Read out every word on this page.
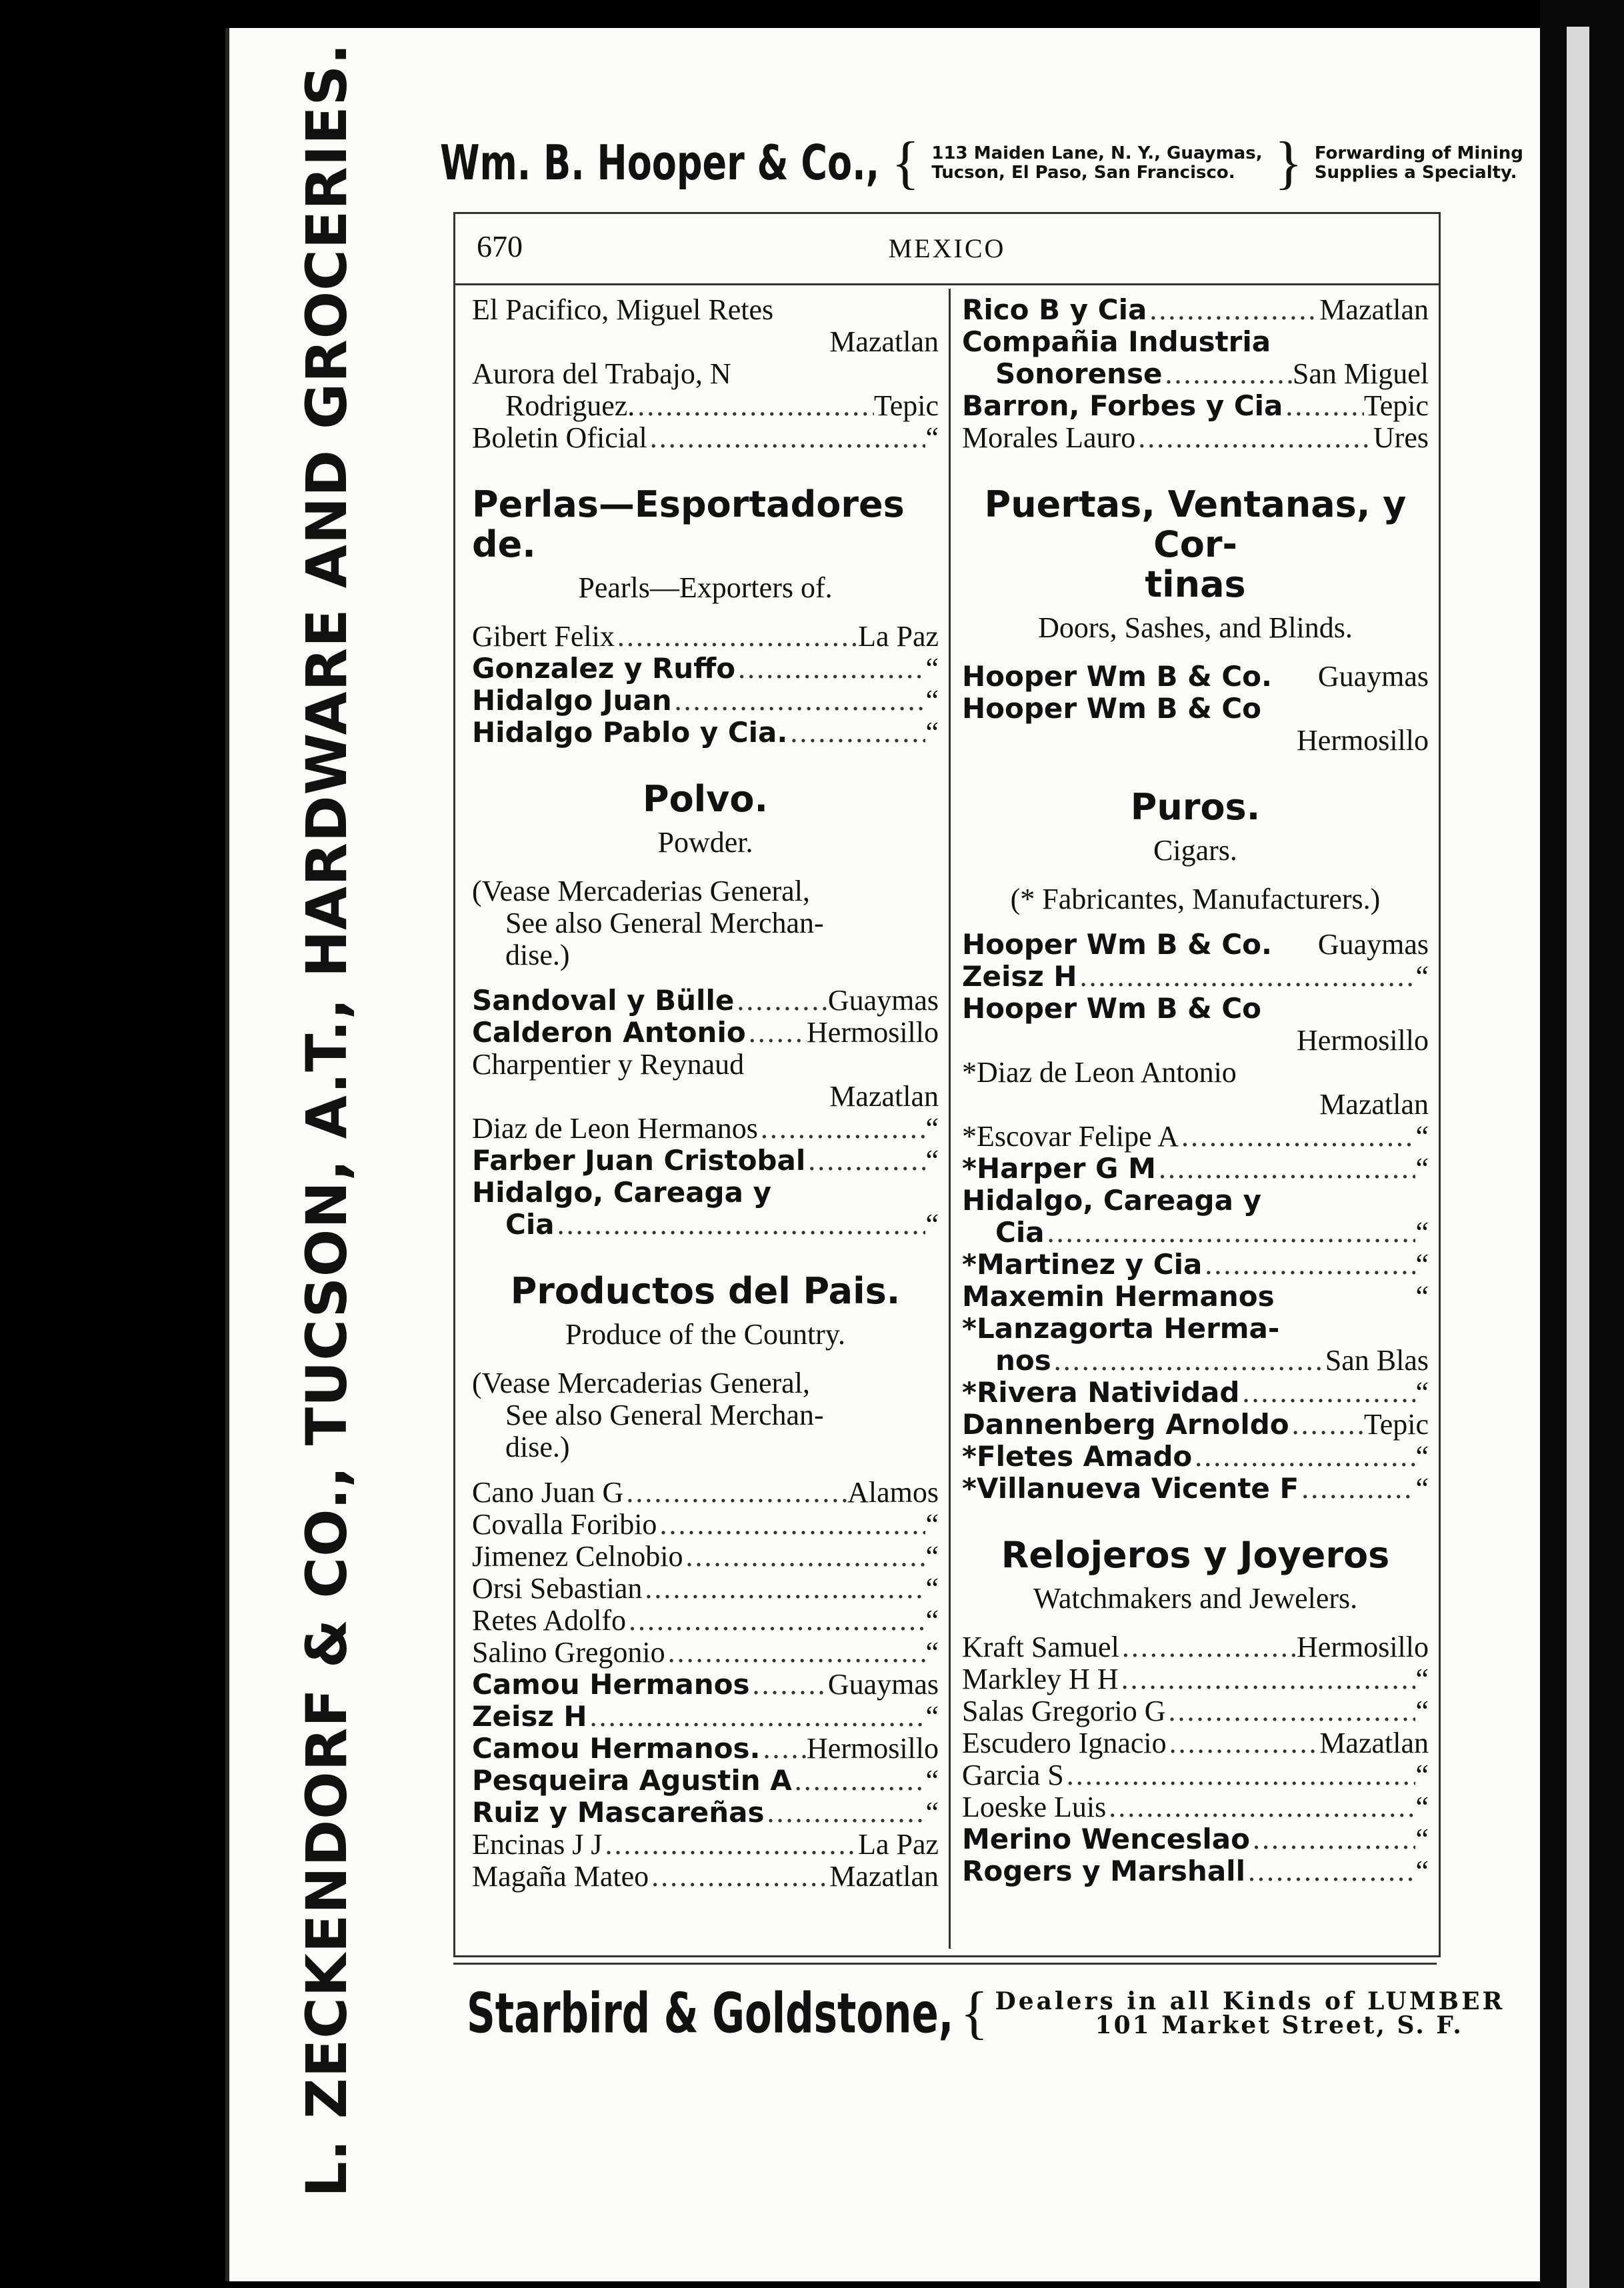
L. ZECKENDORF & CO., TUCSON, A.T., HARDWARE AND GROCERIES. Wm. B. Hooper & Co., { 113 Maiden Lane, N. Y., Guaymas,
Tucson, El Paso, San Francisco. } Forwarding of Mining
Supplies a Specialty.
670	MEXICO
El Pacifico, Miguel Retes
Mazatlan
Aurora del Trabajo, N
Rodriguez. .....	Tepic
Boletin Oficial .....	“
Perlas—Esportadores de.
Pearls—Exporters of.
Gibert Felix .....	La Paz
Gonzalez y Ruffo .....	“
Hidalgo Juan .....	“
Hidalgo Pablo y Cia. .....	“
Polvo.
Powder.
(Vease Mercaderias General,
See also General Merchan-
dise.)
Sandoval y Bülle .....	Guaymas
Calderon Antonio ..... Hermosillo
Charpentier y Reynaud
Mazatlan
Diaz de Leon Hermanos .....	“
Farber Juan Cristobal .....	“
Hidalgo, Careaga y
Cia .....	“
Productos del Pais.
Produce of the Country.
(Vease Mercaderias General,
See also General Merchan-
dise.)
Cano Juan G .....	Alamos
Covalla Foribio .....	“
Jimenez Celnobio .....	“
Orsi Sebastian .....	“
Retes Adolfo .....	“
Salino Gregonio .....	“
Camou Hermanos .....	Guaymas
Zeisz H .....	“
Camou Hermanos. ..... Hermosillo
Pesqueira Agustin A .....	“
Ruiz y Mascareñas .....	“
Encinas J J .....	La Paz
Magaña Mateo .....	Mazatlan
Rico B y Cia .....	Mazatlan
Compañia Industria
Sonorense .....	San Miguel
Barron, Forbes y Cia .....	Tepic
Morales Lauro .....	Ures
Puertas, Ventanas, y Cor-
tinas
Doors, Sashes, and Blinds.
Hooper Wm B & Co. Guaymas
Hooper Wm B & Co
Hermosillo
Puros.
Cigars.
(* Fabricantes, Manufacturers.)
Hooper Wm B & Co. Guaymas
Zeisz H .....	“
Hooper Wm B & Co
Hermosillo
*Diaz de Leon Antonio
Mazatlan
*Escovar Felipe A .....	“
*Harper G M .....	“
Hidalgo, Careaga y
Cia .....	“
*Martinez y Cia .....	“
Maxemin Hermanos	“
*Lanzagorta Herma-
nos .....	San Blas
*Rivera Natividad .....	“
Dannenberg Arnoldo .....	Tepic
*Fletes Amado .....	“
*Villanueva Vicente F .....	“
Relojeros y Joyeros
Watchmakers and Jewelers.
Kraft Samuel .....	Hermosillo
Markley H H .....	“
Salas Gregorio G .....	“
Escudero Ignacio .....	Mazatlan
Garcia S .....	“
Loeske Luis .....	“
Merino Wenceslao .....	“
Rogers y Marshall .....	“
Starbird & Goldstone, { Dealers in all Kinds of LUMBER
101 Market Street, S. F.
